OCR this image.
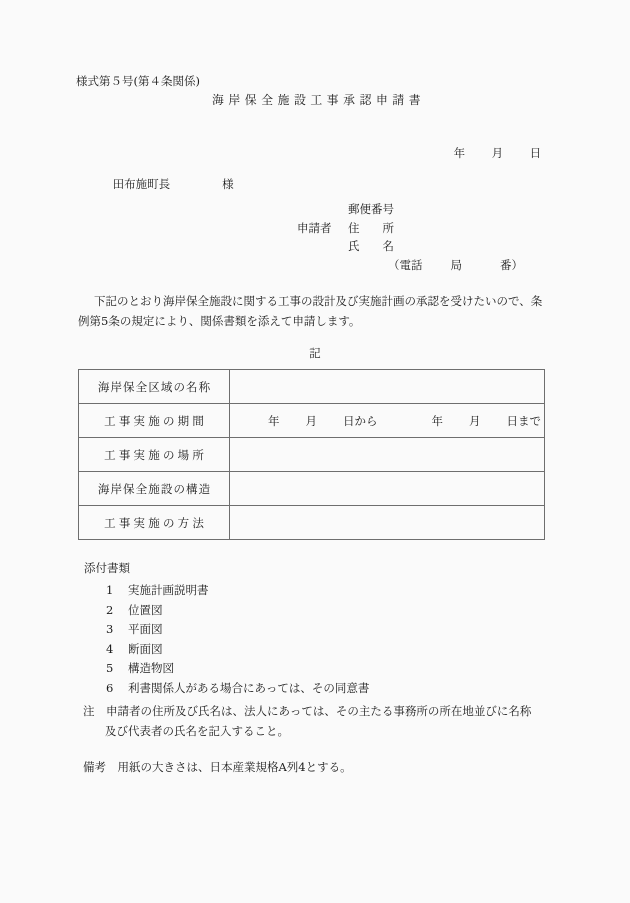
様式第５号(第４条関係)
海岸保全施設工事承認申請書

年 月 日

田布施町長	様

郵便番号
申請者 住　　所
氏　　名
（電話 局	番）
下記のとおり海岸保全施設に関する工事の設計及び実施計画の承認を受けたいので、条例第5条の規定により、関係書類を添えて申請します。
記
海岸保全区域の名称	
工事実施の期間	年 月 日から 年 月 日まで
工事実施の場所	
海岸保全施設の構造	
工事実施の方法	
添付書類
1 実施計画説明書
2 位置図
3 平面図
4 断面図
5 構造物図
6 利書関係人がある場合にあっては、その同意書
注　 申請者の住所及び氏名は、法人にあっては、その主たる事務所の所在地並びに名称
及び代表者の氏名を記入すること。
備考　用紙の大きさは、日本産業規格A列4とする。
